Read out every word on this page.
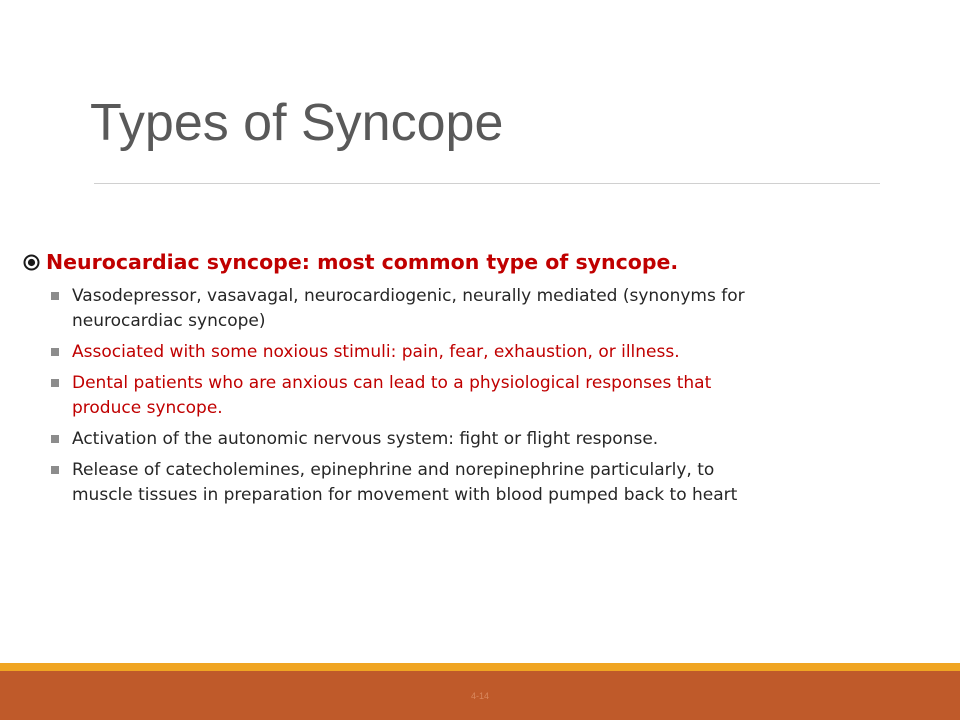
Types of Syncope
Neurocardiac syncope: most common type of syncope.
Vasodepressor, vasavagal, neurocardiogenic, neurally mediated (synonyms for
neurocardiac syncope)
Associated with some noxious stimuli: pain, fear, exhaustion, or illness.
Dental patients who are anxious can lead to a physiological responses that
produce syncope.
Activation of the autonomic nervous system: fight or flight response.
Release of catecholemines, epinephrine and norepinephrine particularly, to
muscle tissues in preparation for movement with blood pumped back to heart
4-14
